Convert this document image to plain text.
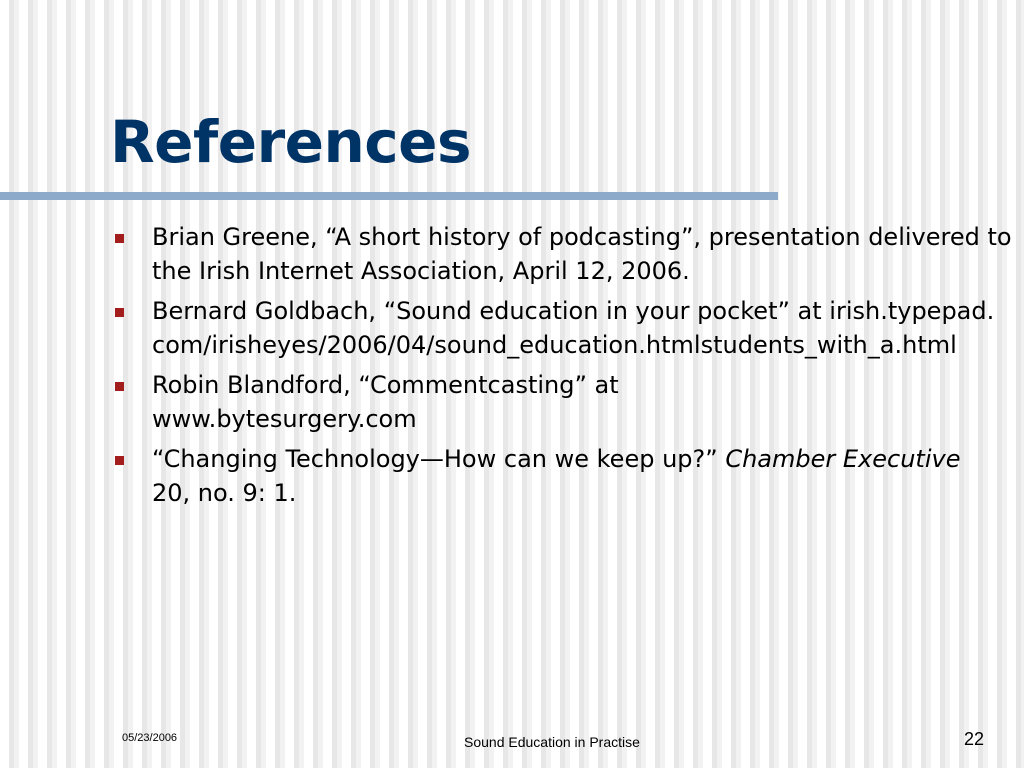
References
Brian Greene, “A short history of podcasting”, presentation delivered to the Irish Internet Association, April 12, 2006.
Bernard Goldbach, “Sound education in your pocket” at irish.typepad.com/irisheyes/2006/04/sound_education.htmlstudents_with_a.html
Robin Blandford, “Commentcasting” at www.bytesurgery.com
“Changing Technology—How can we keep up?” Chamber Executive 20, no. 9: 1.
05/23/2006	Sound Education in Practise	22
